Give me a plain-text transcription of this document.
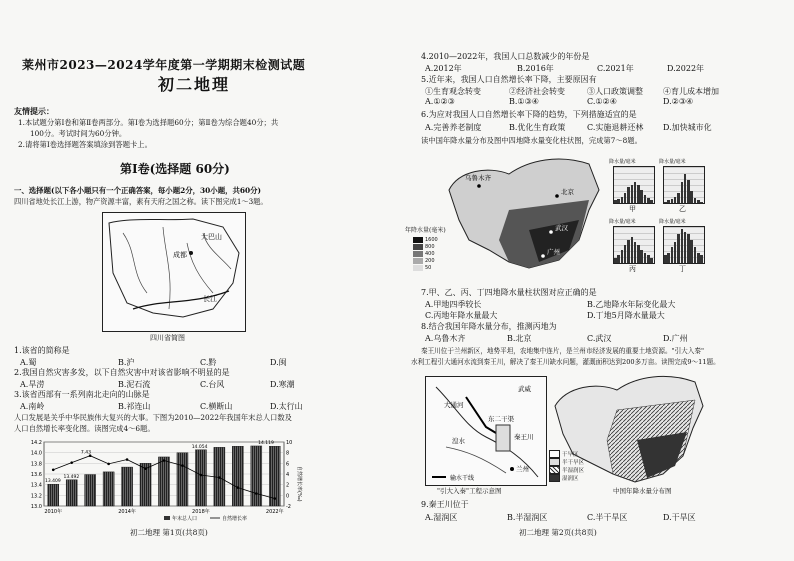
莱州市2023—2024学年度第一学期期末检测试题
初二地理
友情提示：
1.本试题分第Ⅰ卷和第Ⅱ卷两部分。第Ⅰ卷为选择题60分；第Ⅱ卷为综合题40分；共
100分。考试时间为60分钟。
2.请将第Ⅰ卷选择题答案填涂到答题卡上。
第Ⅰ卷(选择题 60分)
一、选择题(以下各小题只有一个正确答案，每小题2分，30小题，共60分)
四川省地处长江上游，物产资源丰富，素有天府之国之称。读下图完成1～3题。
大巴山
成都
长江
四川省简图
1.该省的简称是
A.蜀	B.沪	C.黔	D.闽
2.我国自然灾害多发，以下自然灾害中对该省影响不明显的是
A.旱涝	B.泥石流	C.台风	D.寒潮
3.该省西部有一系列南北走向的山脉是
A.南岭	B.祁连山	C.横断山	D.太行山
人口发展是关乎中华民族伟大复兴的大事。下图为2010—2022年我国年末总人口数及
人口自然增长率变化图。读图完成4～6题。
14.2
14.0
13.8
13.6
13.4
13.2
13.0
10
8
6
4
2
0
-2
2010年	2014年	2018年	2022年
13.409
13.492
7.43
14.054
14.119
年末总人口	自然增长率
自然增长率(‰)
初二地理 第1页(共8页)
4.2010—2022年，我国人口总数减少的年份是
A.2012年	B.2016年	C.2021年	D.2022年
5.近年来，我国人口自然增长率下降，主要原因有
①生育观念转变	②经济社会转变	③人口政策调整	④育儿成本增加
A.①②③	B.①③④	C.①②④	D.②③④
6.为应对我国人口自然增长率下降的趋势，下列措施适宜的是
A.完善养老制度	B.优化生育政策	C.实施退耕还林 D.加快城市化
读中国年降水量分布及图中四地降水量变化柱状图，完成第7～8题。
乌鲁木齐
北京
武汉
广州
年降水量(毫米)
1600
800
400
200
50
降水量/毫米
甲
降水量/毫米
乙
降水量/毫米
丙
降水量/毫米
丁
7.甲、乙、丙、丁四地降水量柱状图对应正确的是
A.甲地四季较长	B.乙地降水年际变化最大
C.丙地年降水量最大	D.丁地5月降水量最大
8.结合我国年降水量分布，推测丙地为
A.乌鲁木齐	B.北京	C.武汉	D.广州
秦王川位于兰州新区，地势平坦，农地集中连片，是兰州市经济发展的重要土地资源。"引大入秦"
水利工程引大通河水流到秦王川，解决了秦王川缺水问题，灌溉面积达到200多万亩。读图完成9～11题。
大通河
东二干渠
秦王川
湟水
兰州
武威
输水干线
"引大入秦"工程示意图
干旱区
半干旱区
半湿润区
湿润区
中国年降水量分布图
9.秦王川位于
A.湿润区	B.半湿润区	C.半干旱区	D.干旱区
初二地理 第2页(共8页)
